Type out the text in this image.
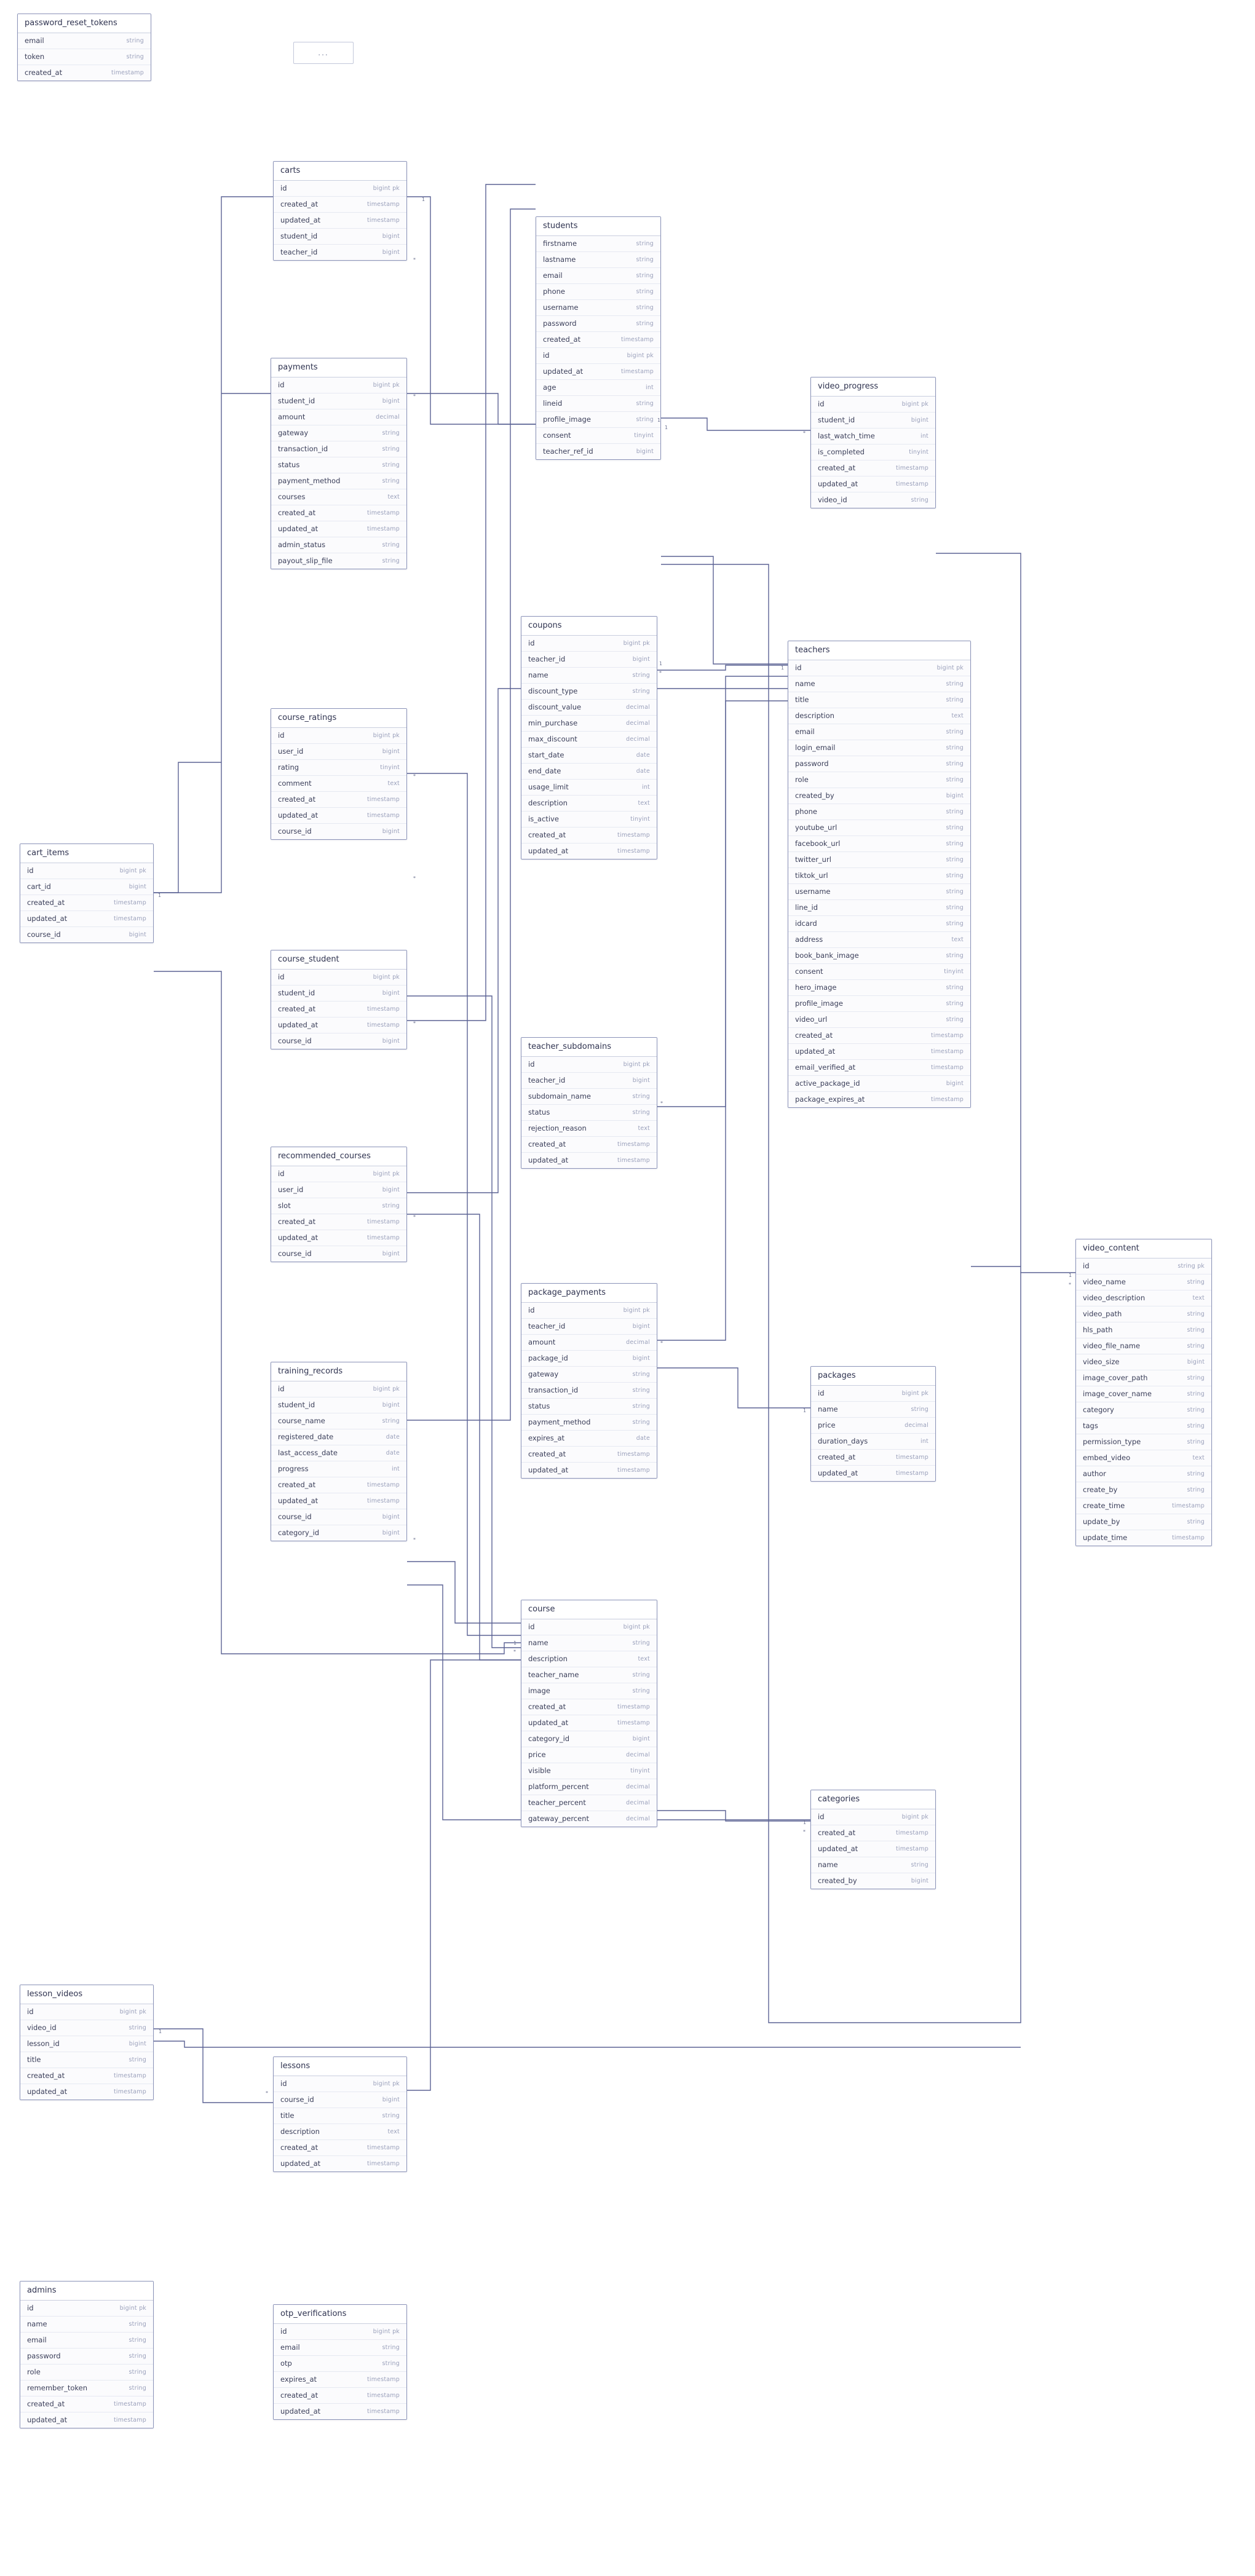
...
password_reset_tokens
email	string
token	string
created_at	timestamp
carts
id	bigint pk
created_at	timestamp
updated_at	timestamp
student_id	bigint
teacher_id	bigint
students
firstname	string
lastname	string
email	string
phone	string
username	string
password	string
created_at	timestamp
id	bigint pk
updated_at	timestamp
age	int
lineid	string
profile_image	string
consent	tinyint
teacher_ref_id	bigint
video_progress
id	bigint pk
student_id	bigint
last_watch_time	int
is_completed	tinyint
created_at	timestamp
updated_at	timestamp
video_id	string
payments
id	bigint pk
student_id	bigint
amount	decimal
gateway	string
transaction_id	string
status	string
payment_method	string
courses	text
created_at	timestamp
updated_at	timestamp
admin_status	string
payout_slip_file	string
coupons
id	bigint pk
teacher_id	bigint
name	string
discount_type	string
discount_value	decimal
min_purchase	decimal
max_discount	decimal
start_date	date
end_date	date
usage_limit	int
description	text
is_active	tinyint
created_at	timestamp
updated_at	timestamp
teachers
id	bigint pk
name	string
title	string
description	text
email	string
login_email	string
password	string
role	string
created_by	bigint
phone	string
youtube_url	string
facebook_url	string
twitter_url	string
tiktok_url	string
username	string
line_id	string
idcard	string
address	text
book_bank_image	string
consent	tinyint
hero_image	string
profile_image	string
video_url	string
created_at	timestamp
updated_at	timestamp
email_verified_at	timestamp
active_package_id	bigint
package_expires_at	timestamp
course_ratings
id	bigint pk
user_id	bigint
rating	tinyint
comment	text
created_at	timestamp
updated_at	timestamp
course_id	bigint
cart_items
id	bigint pk
cart_id	bigint
created_at	timestamp
updated_at	timestamp
course_id	bigint
course_student
id	bigint pk
student_id	bigint
created_at	timestamp
updated_at	timestamp
course_id	bigint
teacher_subdomains
id	bigint pk
teacher_id	bigint
subdomain_name	string
status	string
rejection_reason	text
created_at	timestamp
updated_at	timestamp
recommended_courses
id	bigint pk
user_id	bigint
slot	string
created_at	timestamp
updated_at	timestamp
course_id	bigint
video_content
id	string pk
video_name	string
video_description	text
video_path	string
hls_path	string
video_file_name	string
video_size	bigint
image_cover_path	string
image_cover_name	string
category	string
tags	string
permission_type	string
embed_video	text
author	string
create_by	string
create_time	timestamp
update_by	string
update_time	timestamp
package_payments
id	bigint pk
teacher_id	bigint
amount	decimal
package_id	bigint
gateway	string
transaction_id	string
status	string
payment_method	string
expires_at	date
created_at	timestamp
updated_at	timestamp
packages
id	bigint pk
name	string
price	decimal
duration_days	int
created_at	timestamp
updated_at	timestamp
training_records
id	bigint pk
student_id	bigint
course_name	string
registered_date	date
last_access_date	date
progress	int
created_at	timestamp
updated_at	timestamp
course_id	bigint
category_id	bigint
course
id	bigint pk
name	string
description	text
teacher_name	string
image	string
created_at	timestamp
updated_at	timestamp
category_id	bigint
price	decimal
visible	tinyint
platform_percent	decimal
teacher_percent	decimal
gateway_percent	decimal
categories
id	bigint pk
created_at	timestamp
updated_at	timestamp
name	string
created_by	bigint
lesson_videos
id	bigint pk
video_id	string
lesson_id	bigint
title	string
created_at	timestamp
updated_at	timestamp
lessons
id	bigint pk
course_id	bigint
title	string
description	text
created_at	timestamp
updated_at	timestamp
admins
id	bigint pk
name	string
email	string
password	string
role	string
remember_token	string
created_at	timestamp
updated_at	timestamp
otp_verifications
id	bigint pk
email	string
otp	string
expires_at	timestamp
created_at	timestamp
updated_at	timestamp
1
*
1
1
*
*
1
1
*
*
*
1
*
*
*
*
1
*
1
*
1
*
1
*
1
*
